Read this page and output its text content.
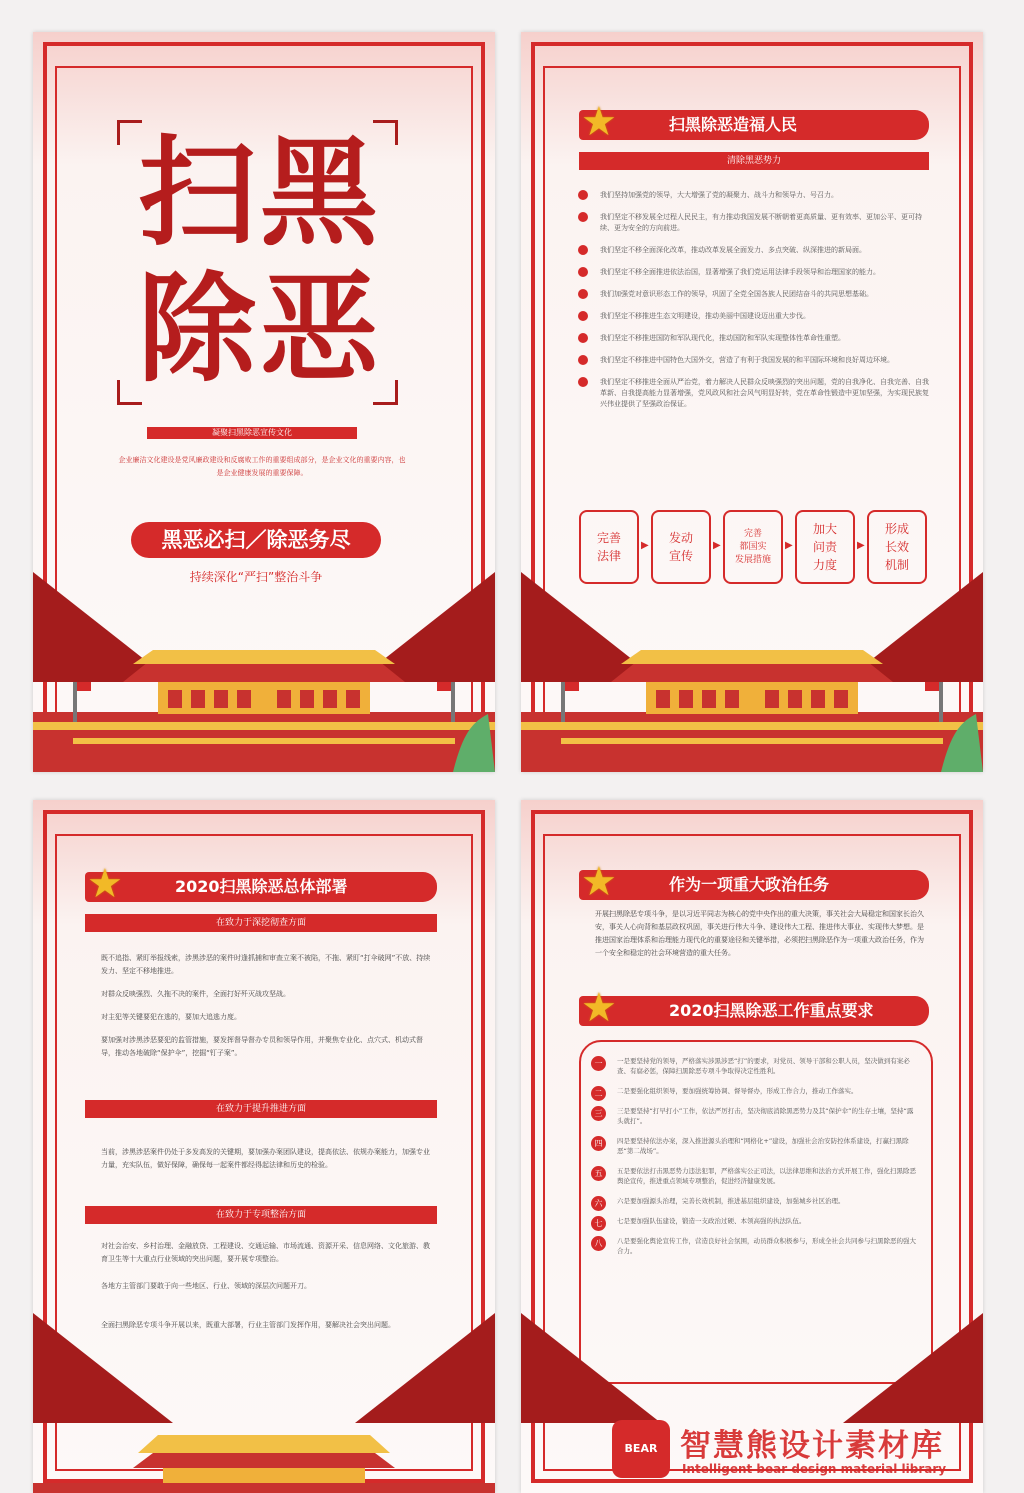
扫黑
除恶
凝聚扫黑除恶宣传文化
企业廉洁文化建设是党风廉政建设和反腐败工作的重要组成部分，是企业文化的重要内容，也是企业健康发展的重要保障。
黑恶必扫／除恶务尽
持续深化“严扫”整治斗争
扫黑除恶造福人民
★
清除黑恶势力
我们坚持加强党的领导，大大增强了党的凝聚力、战斗力和领导力、号召力。
我们坚定不移发展全过程人民民主，有力推动我国发展不断朝着更高质量、更有效率、更加公平、更可持续、更为安全的方向前进。
我们坚定不移全面深化改革，推动改革发展全面发力、多点突破、纵深推进的新局面。
我们坚定不移全面推进依法治国，显著增强了我们党运用法律手段领导和治理国家的能力。
我们加强党对意识形态工作的领导，巩固了全党全国各族人民团结奋斗的共同思想基础。
我们坚定不移推进生态文明建设，推动美丽中国建设迈出重大步伐。
我们坚定不移推进国防和军队现代化，推动国防和军队实现整体性革命性重塑。
我们坚定不移推进中国特色大国外交，营造了有利于我国发展的和平国际环境和良好周边环境。
我们坚定不移推进全面从严治党，着力解决人民群众反映强烈的突出问题，党的自我净化、自我完善、自我革新、自我提高能力显著增强，党风政风和社会风气明显好转，党在革命性锻造中更加坚强，为实现民族复兴伟业提供了坚强政治保证。
完善
法律
▶
发动
宣传
▶
完善
都国实
发展措施
▶
加大
问责
力度
▶
形成
长效
机制
2020扫黑除恶总体部署
★
在致力于深挖彻查方面

既不追指、紧盯举报线索，涉黑涉恶的案件时逢抓捕和审查立案不被陷，不拖、紧盯“打伞破网”不放、持续发力、坚定不移地推进。

对群众反映强烈、久拖不决的案件，全面打好歼灭战攻坚战。

对主犯等关键要犯在逃的，要加大追逃力度。

要加强对涉黑涉恶要犯的监管措施，要发挥督导督办专员和领导作用，并聚焦专业化、点穴式、机动式督导，推动各地破除“保护伞”，挖掘“钉子案”。

在致力于提升推进方面

当前，涉黑涉恶案件仍处于多发高发的关键期，要加强办案团队建设，提高依法、依规办案能力，加强专业力量，充实队伍，做好保障，确保每一起案件都经得起法律和历史的检验。

在致力于专项整治方面

对社会治安、乡村治理、金融放贷、工程建设、交通运输、市场流通、资源开采、信息网络、文化旅游、教育卫生等十大重点行业领域的突出问题，要开展专项整治。

各地方主管部门要敢于向一些地区、行业、领域的深层次问题开刀。

全面扫黑除恶专项斗争开展以来，既重大部署，行业主管部门发挥作用，要解决社会突出问题。

作为一项重大政治任务
★
开展扫黑除恶专项斗争，是以习近平同志为核心的党中央作出的重大决策，事关社会大局稳定和国家长治久安，事关人心向背和基层政权巩固，事关进行伟大斗争、建设伟大工程、推进伟大事业、实现伟大梦想。是推进国家治理体系和治理能力现代化的重要途径和关键举措，必须把扫黑除恶作为一项重大政治任务，作为一个安全和稳定的社会环境营造的重大任务。
2020扫黑除恶工作重点要求
★
一	一是要坚持党的领导，严格落实涉黑涉恶“打”的要求，对党员、领导干部和公职人员，坚决做到有案必查、有腐必惩，保障扫黑除恶专项斗争取得决定性胜利。
二	二是要强化组织领导，要加强统筹协调、督导督办，形成工作合力，推动工作落实。
三	三是要坚持“打早打小”工作，依法严厉打击，坚决彻底消除黑恶势力及其“保护伞”的生存土壤，坚持“露头就打”。
四	四是要坚持依法办案，深入推进源头治理和“网格化+”建设，加强社会治安防控体系建设，打赢扫黑除恶“第二战场”。
五	五是要依法打击黑恶势力违法犯罪，严格落实公正司法，以法律思维和法治方式开展工作，强化扫黑除恶舆论宣传，推进重点领域专项整治，促进经济健康发展。
六	六是要加强源头治理，完善长效机制，推进基层组织建设，加强城乡社区治理。
七	七是要加强队伍建设，锻造一支政治过硬、本领高强的执法队伍。
八	八是要强化舆论宣传工作，营造良好社会氛围，动员群众积极参与，形成全社会共同参与扫黑除恶的强大合力。
BEAR 智慧熊设计素材库
Intelligent bear design material library
